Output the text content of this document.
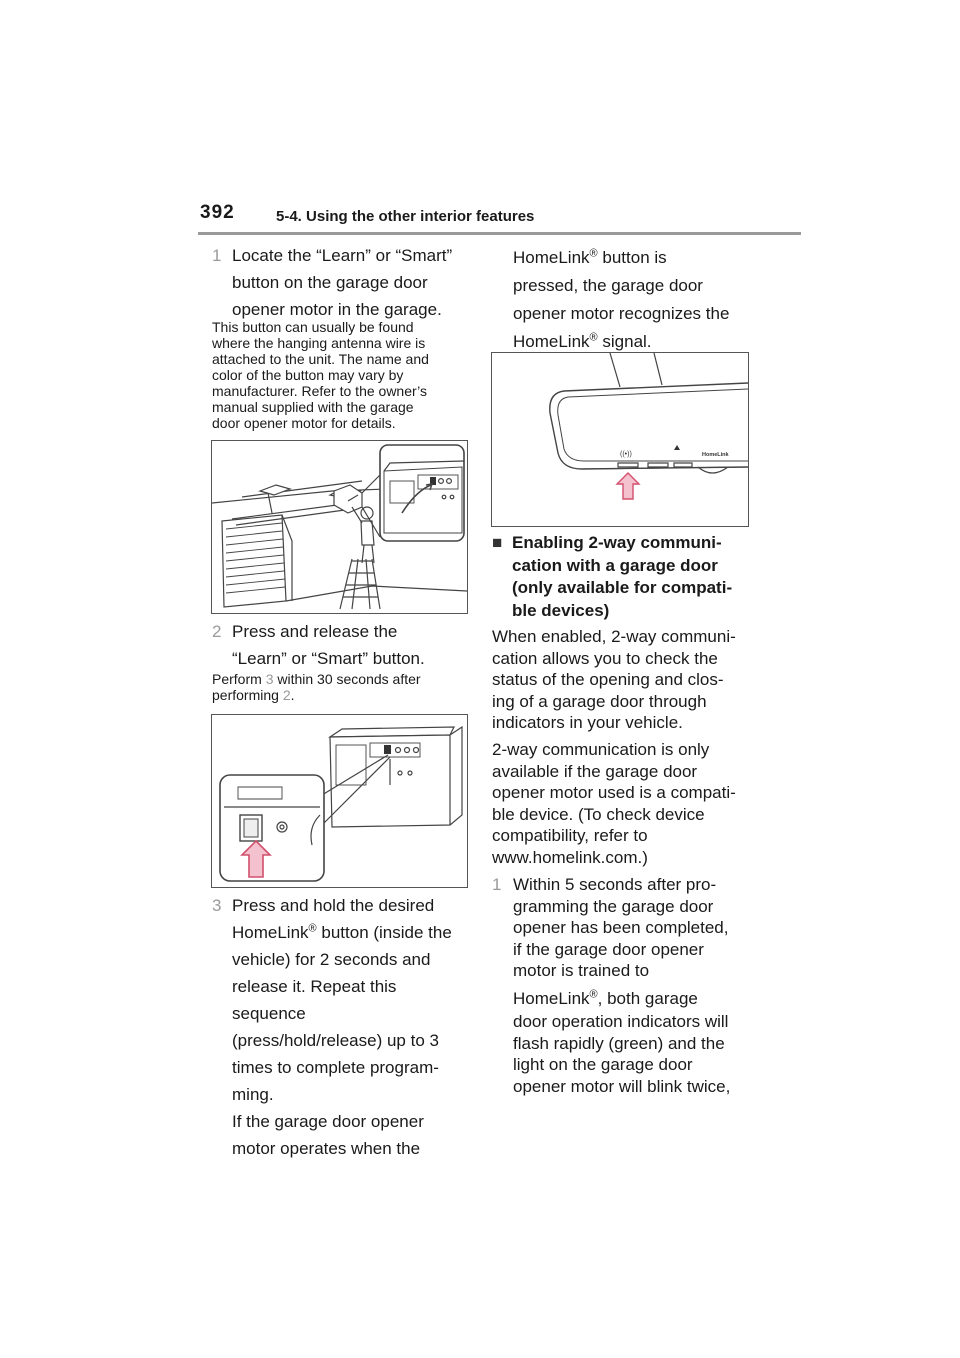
392	5-4. Using the other interior features
1 Locate the “Learn” or “Smart”
button on the garage door
opener motor in the garage.
This button can usually be found
where the hanging antenna wire is
attached to the unit. The name and
color of the button may vary by
manufacturer. Refer to the owner’s
manual supplied with the garage
door opener motor for details.
2 Press and release the
“Learn” or “Smart” button.
Perform 3 within 30 seconds after
performing 2.
3 Press and hold the desired
HomeLink® button (inside the
vehicle) for 2 seconds and
release it. Repeat this
sequence
(press/hold/release) up to 3
times to complete program-
ming.
If the garage door opener
motor operates when the
HomeLink® button is
pressed, the garage door
opener motor recognizes the
HomeLink® signal.
((•))	HomeLink
■ Enabling 2-way communi-
cation with a garage door
(only available for compati-
ble devices)
When enabled, 2-way communi-
cation allows you to check the
status of the opening and clos-
ing of a garage door through
indicators in your vehicle.
2-way communication is only
available if the garage door
opener motor used is a compati-
ble device. (To check device
compatibility, refer to
www.homelink.com.)
1 Within 5 seconds after pro-
gramming the garage door
opener has been completed,
if the garage door opener
motor is trained to
HomeLink®, both garage
door operation indicators will
flash rapidly (green) and the
light on the garage door
opener motor will blink twice,
